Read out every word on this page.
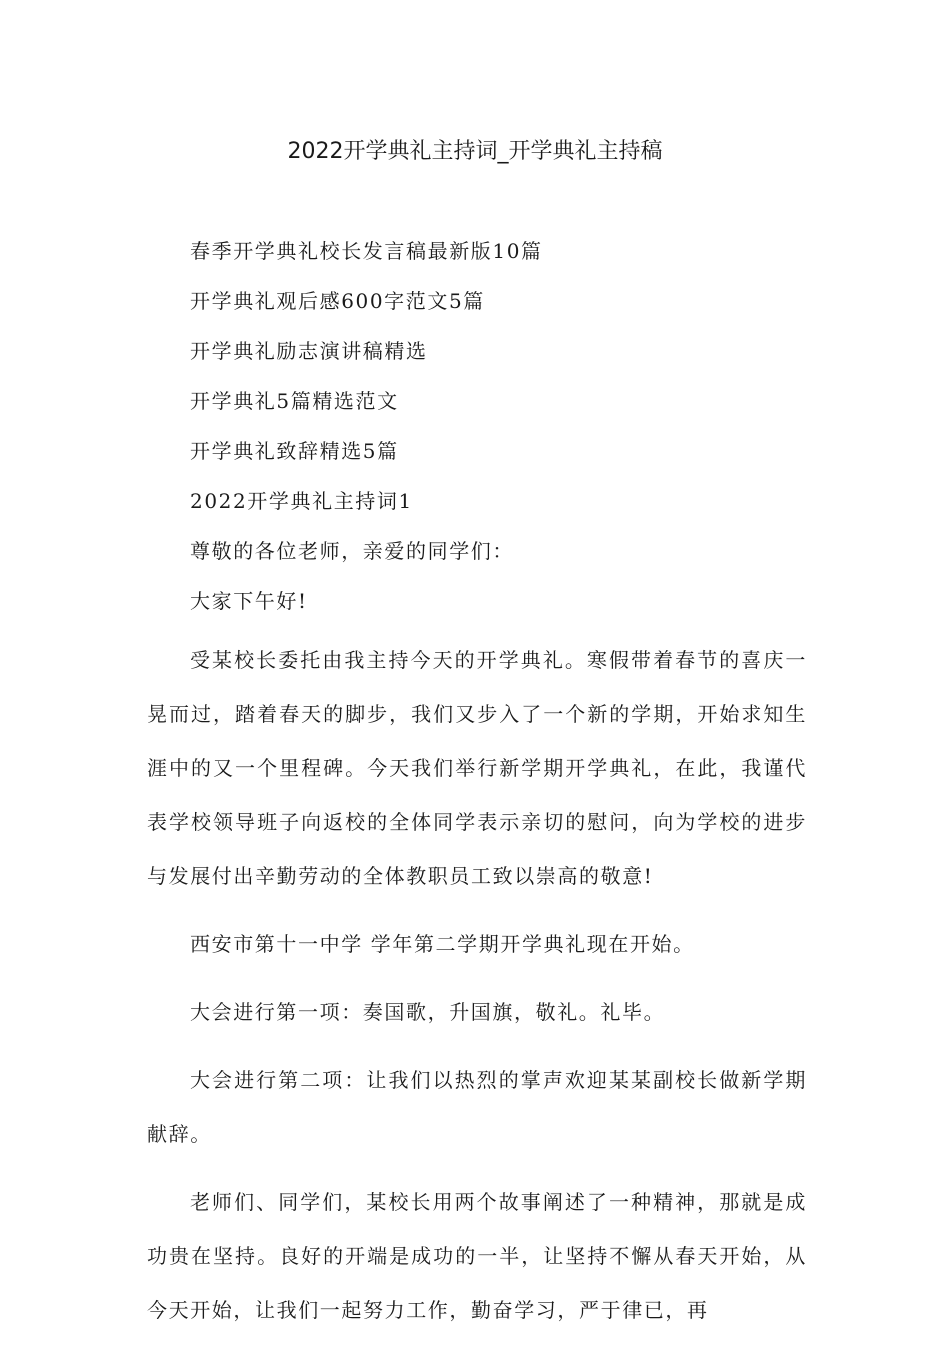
2022开学典礼主持词_开学典礼主持稿

春季开学典礼校长发言稿最新版10篇

开学典礼观后感600字范文5篇

开学典礼励志演讲稿精选

开学典礼5篇精选范文

开学典礼致辞精选5篇

2022开学典礼主持词1

尊敬的各位老师，亲爱的同学们：

大家下午好!

受某校长委托由我主持今天的开学典礼。寒假带着春节的喜庆一晃而过，踏着春天的脚步，我们又步入了一个新的学期，开始求知生涯中的又一个里程碑。今天我们举行新学期开学典礼，在此，我谨代表学校领导班子向返校的全体同学表示亲切的慰问，向为学校的进步与发展付出辛勤劳动的全体教职员工致以崇高的敬意!

西安市第十一中学 学年第二学期开学典礼现在开始。

大会进行第一项：奏国歌，升国旗，敬礼。礼毕。

大会进行第二项：让我们以热烈的掌声欢迎某某副校长做新学期献辞。

老师们、同学们，某校长用两个故事阐述了一种精神，那就是成功贵在坚持。良好的开端是成功的一半，让坚持不懈从春天开始，从今天开始，让我们一起努力工作，勤奋学习，严于律已，再
